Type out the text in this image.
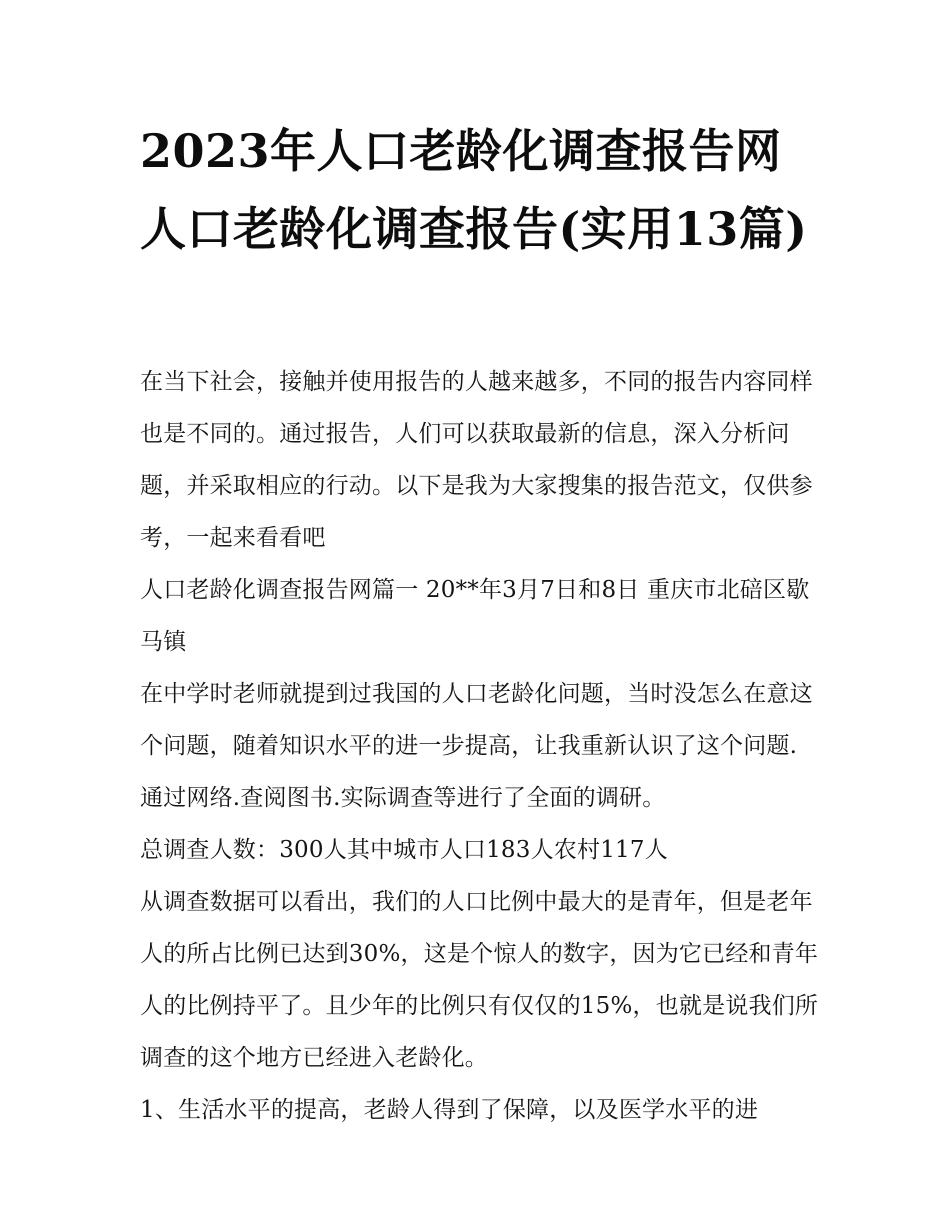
2023年人口老龄化调查报告网人口老龄化调查报告(实用13篇)

在当下社会，接触并使用报告的人越来越多，不同的报告内容同样也是不同的。通过报告，人们可以获取最新的信息，深入分析问题，并采取相应的行动。以下是我为大家搜集的报告范文，仅供参考，一起来看看吧

人口老龄化调查报告网篇一 20**年3月7日和8日 重庆市北碚区歇马镇

在中学时老师就提到过我国的人口老龄化问题，当时没怎么在意这个问题，随着知识水平的进一步提高，让我重新认识了这个问题.通过网络.查阅图书.实际调查等进行了全面的调研。

总调查人数：300人其中城市人口183人农村117人

从调查数据可以看出，我们的人口比例中最大的是青年，但是老年人的所占比例已达到30%，这是个惊人的数字，因为它已经和青年人的比例持平了。且少年的比例只有仅仅的15%，也就是说我们所调查的这个地方已经进入老龄化。

1、生活水平的提高，老龄人得到了保障，以及医学水平的进
